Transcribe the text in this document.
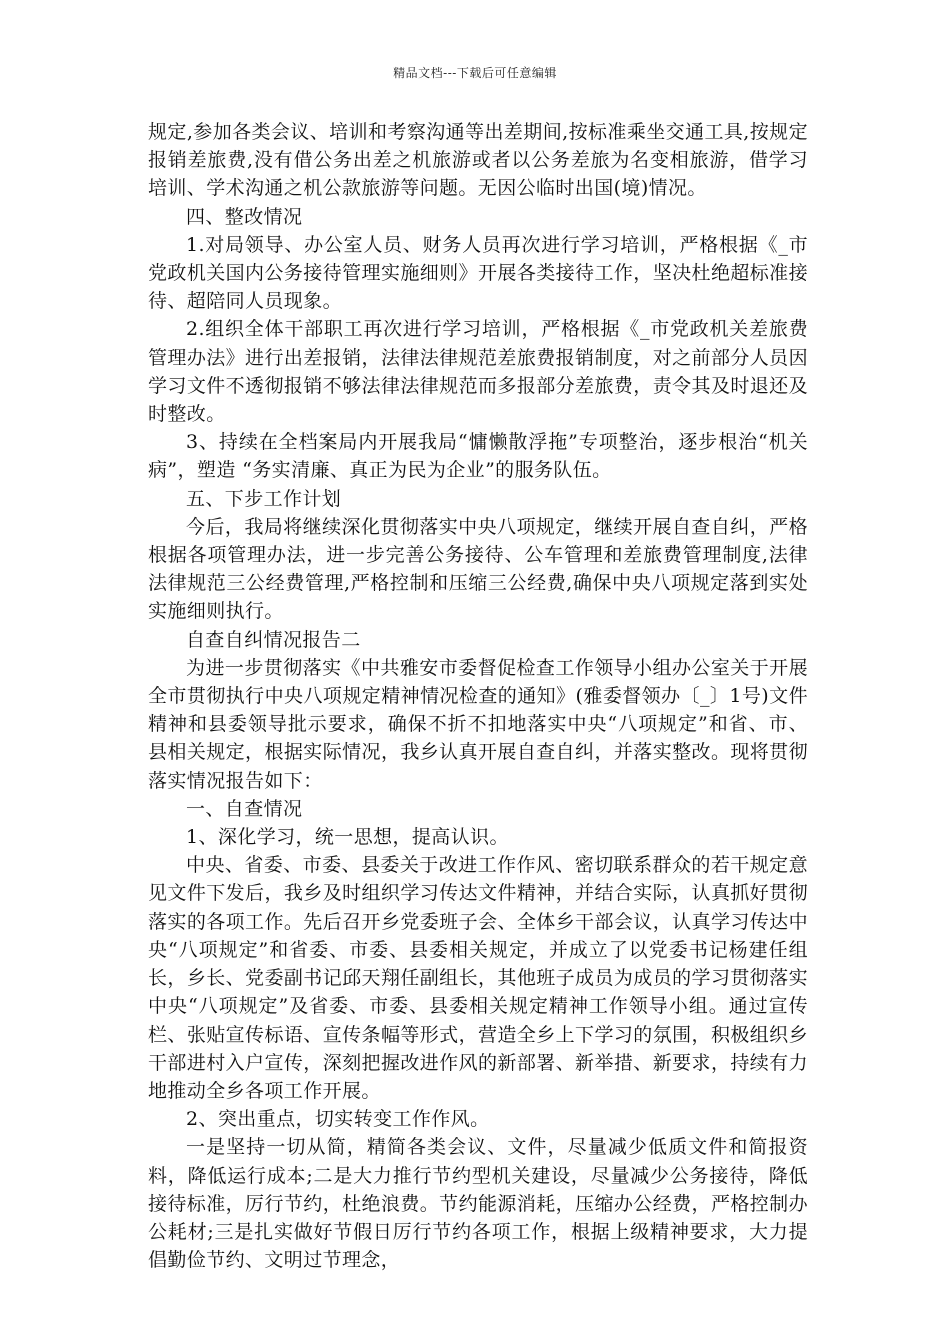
精品文档---下载后可任意编辑

规定,参加各类会议、培训和考察沟通等出差期间,按标准乘坐交通工具,按规定报销差旅费,没有借公务出差之机旅游或者以公务差旅为名变相旅游，借学习培训、学术沟通之机公款旅游等问题。无因公临时出国(境)情况。

四、整改情况

1.对局领导、办公室人员、财务人员再次进行学习培训，严格根据《_市党政机关国内公务接待管理实施细则》开展各类接待工作，坚决杜绝超标准接待、超陪同人员现象。

2.组织全体干部职工再次进行学习培训，严格根据《_市党政机关差旅费管理办法》进行出差报销，法律法律规范差旅费报销制度，对之前部分人员因学习文件不透彻报销不够法律法律规范而多报部分差旅费，责令其及时退还及时整改。

3、持续在全档案局内开展我局“慵懒散浮拖”专项整治，逐步根治“机关病”，塑造 “务实清廉、真正为民为企业”的服务队伍。

五、下步工作计划

今后，我局将继续深化贯彻落实中央八项规定，继续开展自查自纠，严格根据各项管理办法，进一步完善公务接待、公车管理和差旅费管理制度,法律法律规范三公经费管理,严格控制和压缩三公经费,确保中央八项规定落到实处实施细则执行。

自查自纠情况报告二

为进一步贯彻落实《中共雅安市委督促检查工作领导小组办公室关于开展全市贯彻执行中央八项规定精神情况检查的通知》(雅委督领办〔_〕1号)文件精神和县委领导批示要求，确保不折不扣地落实中央“八项规定”和省、市、县相关规定，根据实际情况，我乡认真开展自查自纠，并落实整改。现将贯彻落实情况报告如下：

一、自查情况

1、深化学习，统一思想，提高认识。

中央、省委、市委、县委关于改进工作作风、密切联系群众的若干规定意见文件下发后，我乡及时组织学习传达文件精神，并结合实际，认真抓好贯彻落实的各项工作。先后召开乡党委班子会、全体乡干部会议，认真学习传达中央“八项规定”和省委、市委、县委相关规定，并成立了以党委书记杨建任组长，乡长、党委副书记邱天翔任副组长，其他班子成员为成员的学习贯彻落实中央“八项规定”及省委、市委、县委相关规定精神工作领导小组。通过宣传栏、张贴宣传标语、宣传条幅等形式，营造全乡上下学习的氛围，积极组织乡干部进村入户宣传，深刻把握改进作风的新部署、新举措、新要求，持续有力地推动全乡各项工作开展。

2、突出重点，切实转变工作作风。

一是坚持一切从简，精简各类会议、文件，尽量减少低质文件和简报资料，降低运行成本;二是大力推行节约型机关建设，尽量减少公务接待，降低接待标准，厉行节约，杜绝浪费。节约能源消耗，压缩办公经费，严格控制办公耗材;三是扎实做好节假日厉行节约各项工作，根据上级精神要求，大力提倡勤俭节约、文明过节理念，
